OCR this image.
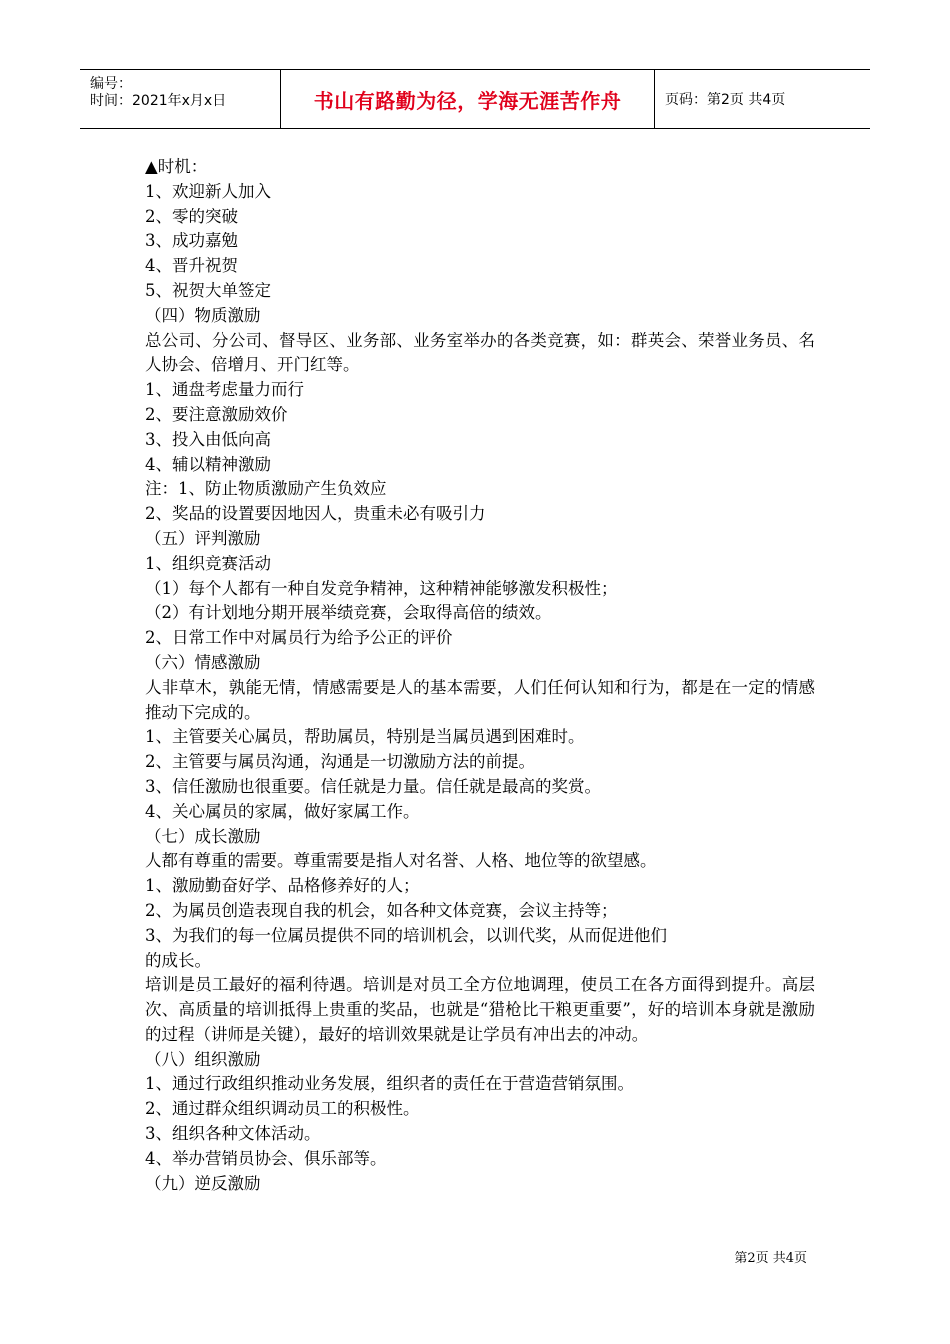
编号：
时间：2021年x月x日	书山有路勤为径，学海无涯苦作舟	页码：第2页 共4页
▲时机：
1、欢迎新人加入
2、零的突破
3、成功嘉勉
4、晋升祝贺
5、祝贺大单签定
（四）物质激励
总公司、分公司、督导区、业务部、业务室举办的各类竞赛，如：群英会、荣誉业务员、名人协会、倍增月、开门红等。
1、通盘考虑量力而行
2、要注意激励效价
3、投入由低向高
4、辅以精神激励
注：1、防止物质激励产生负效应
2、奖品的设置要因地因人，贵重未必有吸引力
（五）评判激励
1、组织竞赛活动
（1）每个人都有一种自发竞争精神，这种精神能够激发积极性；
（2）有计划地分期开展举绩竞赛，会取得高倍的绩效。
2、日常工作中对属员行为给予公正的评价
（六）情感激励
人非草木，孰能无情，情感需要是人的基本需要，人们任何认知和行为，都是在一定的情感推动下完成的。
1、主管要关心属员，帮助属员，特别是当属员遇到困难时。
2、主管要与属员沟通，沟通是一切激励方法的前提。
3、信任激励也很重要。信任就是力量。信任就是最高的奖赏。
4、关心属员的家属，做好家属工作。
（七）成长激励
人都有尊重的需要。尊重需要是指人对名誉、人格、地位等的欲望感。
1、激励勤奋好学、品格修养好的人；
2、为属员创造表现自我的机会，如各种文体竞赛，会议主持等；
3、为我们的每一位属员提供不同的培训机会，以训代奖，从而促进他们
的成长。
培训是员工最好的福利待遇。培训是对员工全方位地调理，使员工在各方面得到提升。高层次、高质量的培训抵得上贵重的奖品，也就是“猎枪比干粮更重要”，好的培训本身就是激励的过程（讲师是关键），最好的培训效果就是让学员有冲出去的冲动。
（八）组织激励
1、通过行政组织推动业务发展，组织者的责任在于营造营销氛围。
2、通过群众组织调动员工的积极性。
3、组织各种文体活动。
4、举办营销员协会、俱乐部等。
（九）逆反激励
第2页 共4页
